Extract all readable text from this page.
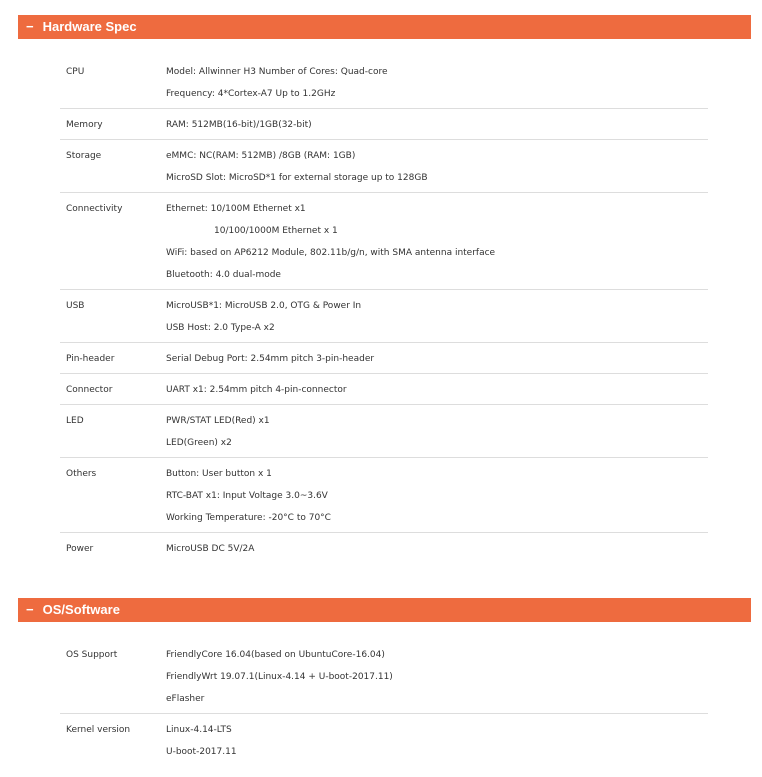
− Hardware Spec
CPU	Model: Allwinner H3 Number of Cores: Quad-core
Frequency: 4*Cortex-A7 Up to 1.2GHz
Memory	RAM: 512MB(16-bit)/1GB(32-bit)
Storage	eMMC: NC(RAM: 512MB) /8GB (RAM: 1GB)
MicroSD Slot: MicroSD*1 for external storage up to 128GB
Connectivity	Ethernet: 10/100M Ethernet x1
10/100/1000M Ethernet x 1
WiFi: based on AP6212 Module, 802.11b/g/n, with SMA antenna interface
Bluetooth: 4.0 dual-mode
USB	MicroUSB*1: MicroUSB 2.0, OTG & Power In
USB Host: 2.0 Type-A x2
Pin-header	Serial Debug Port: 2.54mm pitch 3-pin-header
Connector	UART x1: 2.54mm pitch 4-pin-connector
LED	PWR/STAT LED(Red) x1
LED(Green) x2
Others	Button: User button x 1
RTC-BAT x1: Input Voltage 3.0~3.6V
Working Temperature: -20°C to 70°C
Power	MicroUSB DC 5V/2A
− OS/Software
OS Support	FriendlyCore 16.04(based on UbuntuCore-16.04)
FriendlyWrt 19.07.1(Linux-4.14 + U-boot-2017.11)
eFlasher
Kernel version	Linux-4.14-LTS
U-boot-2017.11
